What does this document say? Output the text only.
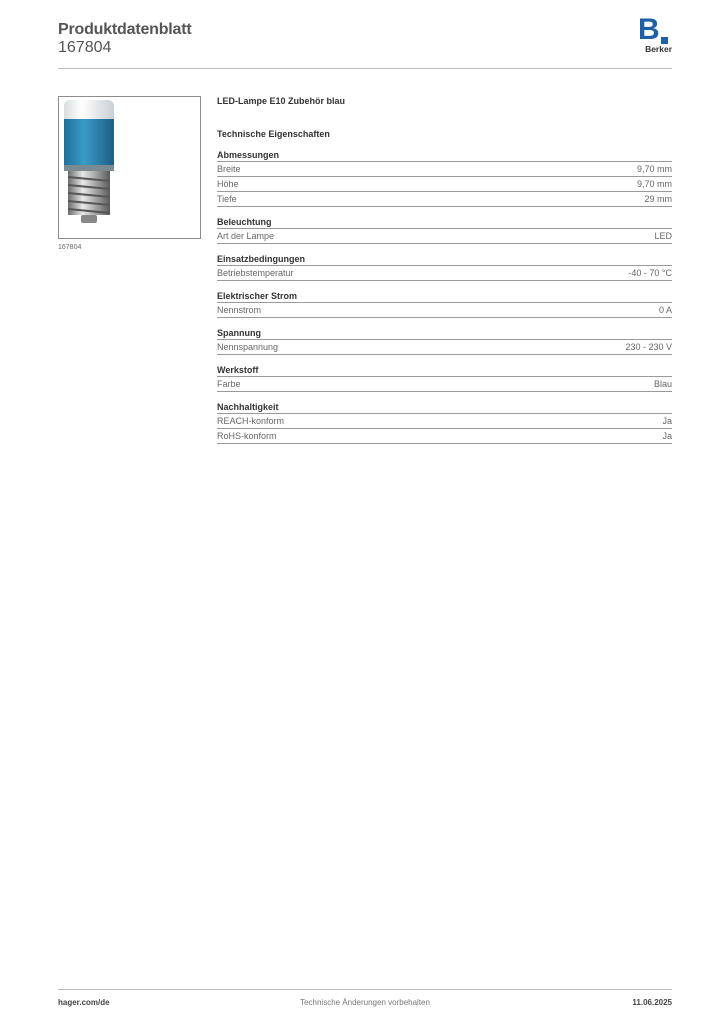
Produktdatenblatt
167804
B
Berker
167804
LED-Lampe E10 Zubehör blau
Technische Eigenschaften
Abmessungen
Breite	9,70 mm
Höhe	9,70 mm
Tiefe	29 mm
Beleuchtung
Art der Lampe	LED
Einsatzbedingungen
Betriebstemperatur	-40 - 70 °C
Elektrischer Strom
Nennstrom	0 A
Spannung
Nennspannung	230 - 230 V
Werkstoff
Farbe	Blau
Nachhaltigkeit
REACH-konform	Ja
RoHS-konform	Ja
hager.com/de	Technische Änderungen vorbehalten	11.06.2025
